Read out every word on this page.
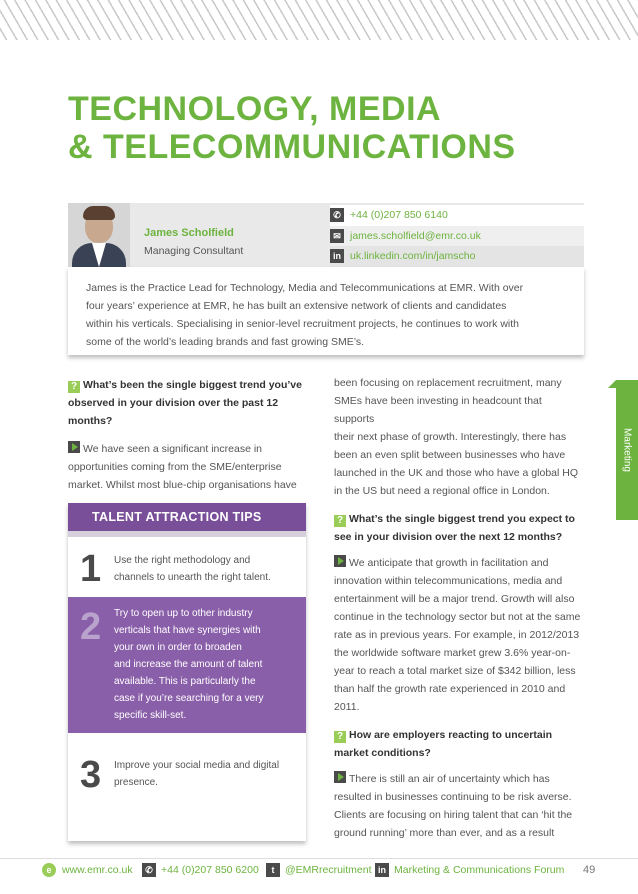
TECHNOLOGY, MEDIA
& TELECOMMUNICATIONS
James Scholfield
Managing Consultant
✆ +44 (0)207 850 6140
✉ james.scholfield@emr.co.uk
in uk.linkedin.com/in/jamscho

James is the Practice Lead for Technology, Media and Telecommunications at EMR. With over
four years’ experience at EMR, he has built an extensive network of clients and candidates
within his verticals. Specialising in senior-level recruitment projects, he continues to work with
some of the world’s leading brands and fast growing SME’s.

? What’s been the single biggest trend you’ve
observed in your division over the past 12
months?

We have seen a significant increase in
opportunities coming from the SME/enterprise
market. Whilst most blue-chip organisations have

TALENT ATTRACTION TIPS
1 Use the right methodology and
channels to unearth the right talent.
2 Try to open up to other industry
verticals that have synergies with
your own in order to broaden
and increase the amount of talent
available. This is particularly the
case if you’re searching for a very
specific skill-set.
3 Improve your social media and digital
presence.

been focusing on replacement recruitment, many
SMEs have been investing in headcount that supports
their next phase of growth. Interestingly, there has
been an even split between businesses who have
launched in the UK and those who have a global HQ
in the US but need a regional office in London.

? What’s the single biggest trend you expect to
see in your division over the next 12 months?

We anticipate that growth in facilitation and
innovation within telecommunications, media and
entertainment will be a major trend. Growth will also
continue in the technology sector but not at the same
rate as in previous years. For example, in 2012/2013
the worldwide software market grew 3.6% year-on-
year to reach a total market size of $342 billion, less
than half the growth rate experienced in 2010 and
2011.

? How are employers reacting to uncertain
market conditions?

There is still an air of uncertainty which has
resulted in businesses continuing to be risk averse.
Clients are focusing on hiring talent that can ‘hit the
ground running’ more than ever, and as a result

Marketing
e	www.emr.co.uk	✆ +44 (0)207 850 6200	t	@EMRrecruitment in Marketing & Communications Forum 49
